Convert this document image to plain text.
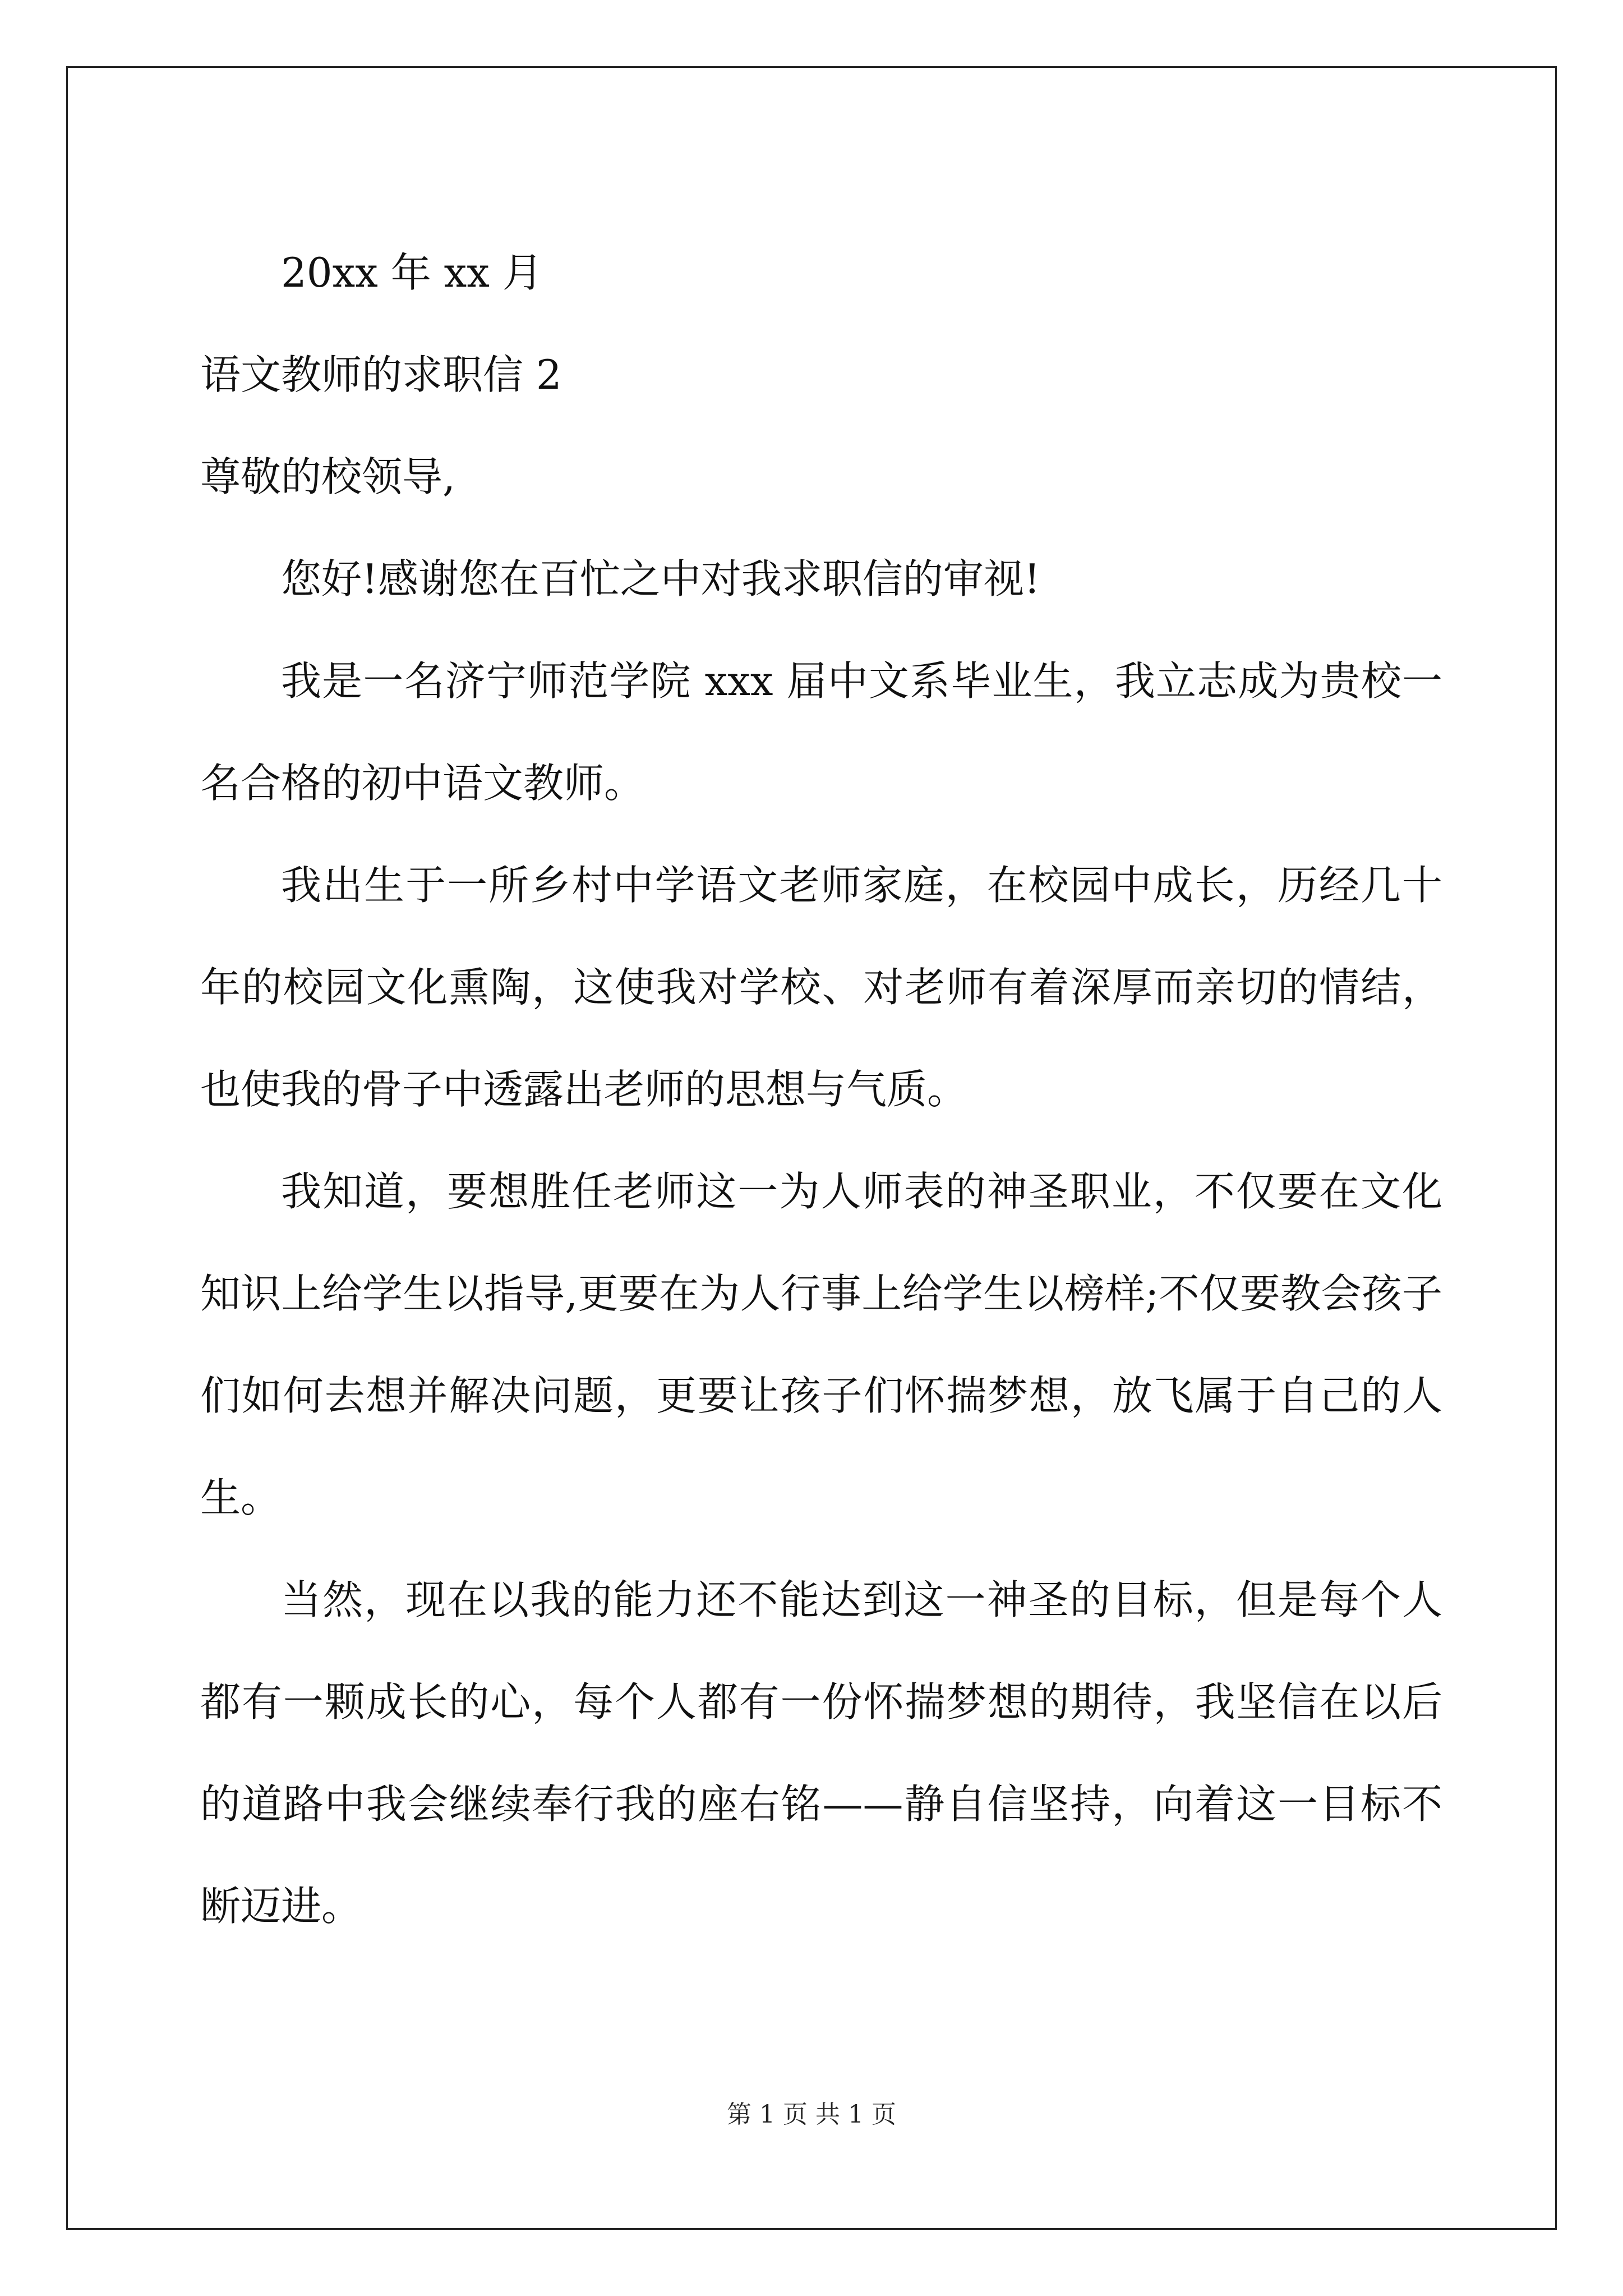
20xx 年 xx 月
语文教师的求职信 2
尊敬的校领导,
您好!感谢您在百忙之中对我求职信的审视!
我是一名济宁师范学院 xxx 届中文系毕业生，我立志成为贵校一名合格的初中语文教师。
我出生于一所乡村中学语文老师家庭，在校园中成长，历经几十年的校园文化熏陶，这使我对学校、对老师有着深厚而亲切的情结，也使我的骨子中透露出老师的思想与气质。
我知道，要想胜任老师这一为人师表的神圣职业，不仅要在文化知识上给学生以指导,更要在为人行事上给学生以榜样;不仅要教会孩子们如何去想并解决问题，更要让孩子们怀揣梦想，放飞属于自己的人生。
当然，现在以我的能力还不能达到这一神圣的目标，但是每个人都有一颗成长的心，每个人都有一份怀揣梦想的期待，我坚信在以后的道路中我会继续奉行我的座右铭——静自信坚持，向着这一目标不断迈进。
第 1 页 共 1 页
